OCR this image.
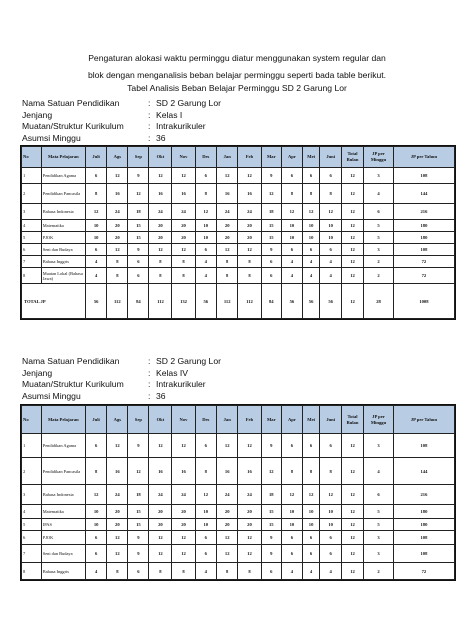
Pengaturan alokasi waktu perminggu diatur menggunakan system regular dan
blok dengan menganalisis beban belajar perminggu seperti bada table berikut.
Tabel Analisis Beban Belajar Perminggu SD 2 Garung Lor
Nama Satuan Pendidikan	: SD 2 Garung Lor
Jenjang	: Kelas I
Muatan/Struktur Kurikulum	: Intrakurikuler
Asumsi Minggu	: 36
No	Mata Pelajaran	Juli	Ags	Sep	Okt	Nov	Des	Jan	Feb	Mar	Apr	Mei	Juni	Total Bulan	JP per Minggu	JP per Tahun
1	Pendidikan Agama	6	12	9	12	12	6	12	12	9	6	6	6	12	3	108
2	Pendidikan Pancasila	8	16	12	16	16	8	16	16	12	8	8	8	12	4	144
3	Bahasa Indonesia	12	24	18	24	24	12	24	24	18	12	12	12	12	6	216
4	Matematika	10	20	15	20	20	10	20	20	15	10	10	10	12	5	180
5	PJOK	10	20	15	20	20	10	20	20	15	10	10	10	12	5	180
6	Seni dan Budaya	6	12	9	12	12	6	12	12	9	6	6	6	12	3	108
7	Bahasa Inggris	4	8	6	8	8	4	8	8	6	4	4	4	12	2	72
8	Muatan Lokal (Bahasa Jawa)	4	8	6	8	8	4	8	8	6	4	4	4	12	2	72
TOTAL JP		56	112	84	112	132	56	112	112	84	56	56	56	12	28	1008
Nama Satuan Pendidikan	: SD 2 Garung Lor
Jenjang	: Kelas IV
Muatan/Struktur Kurikulum	: Intrakurikuler
Asumsi Minggu	: 36
No	Mata Pelajaran	Juli	Ags	Sep	Okt	Nov	Des	Jan	Feb	Mar	Apr	Mei	Juni	Total Bulan	JP per Minggu	JP per Tahun
1	Pendidikan Agama	6	12	9	12	12	6	12	12	9	6	6	6	12	3	108
2	Pendidikan Pancasila	8	16	12	16	16	8	16	16	12	8	8	8	12	4	144
3	Bahasa Indonesia	12	24	18	24	24	12	24	24	18	12	12	12	12	6	216
4	Matematika	10	20	15	20	20	10	20	20	15	10	10	10	12	5	180
5	IPAS	10	20	15	20	20	10	20	20	15	10	10	10	12	5	180
6	PJOK	6	12	9	12	12	6	12	12	9	6	6	6	12	3	108
7	Seni dan Budaya	6	12	9	12	12	6	12	12	9	6	6	6	12	3	108
8	Bahasa Inggris	4	8	6	8	8	4	8	8	6	4	4	4	12	2	72
